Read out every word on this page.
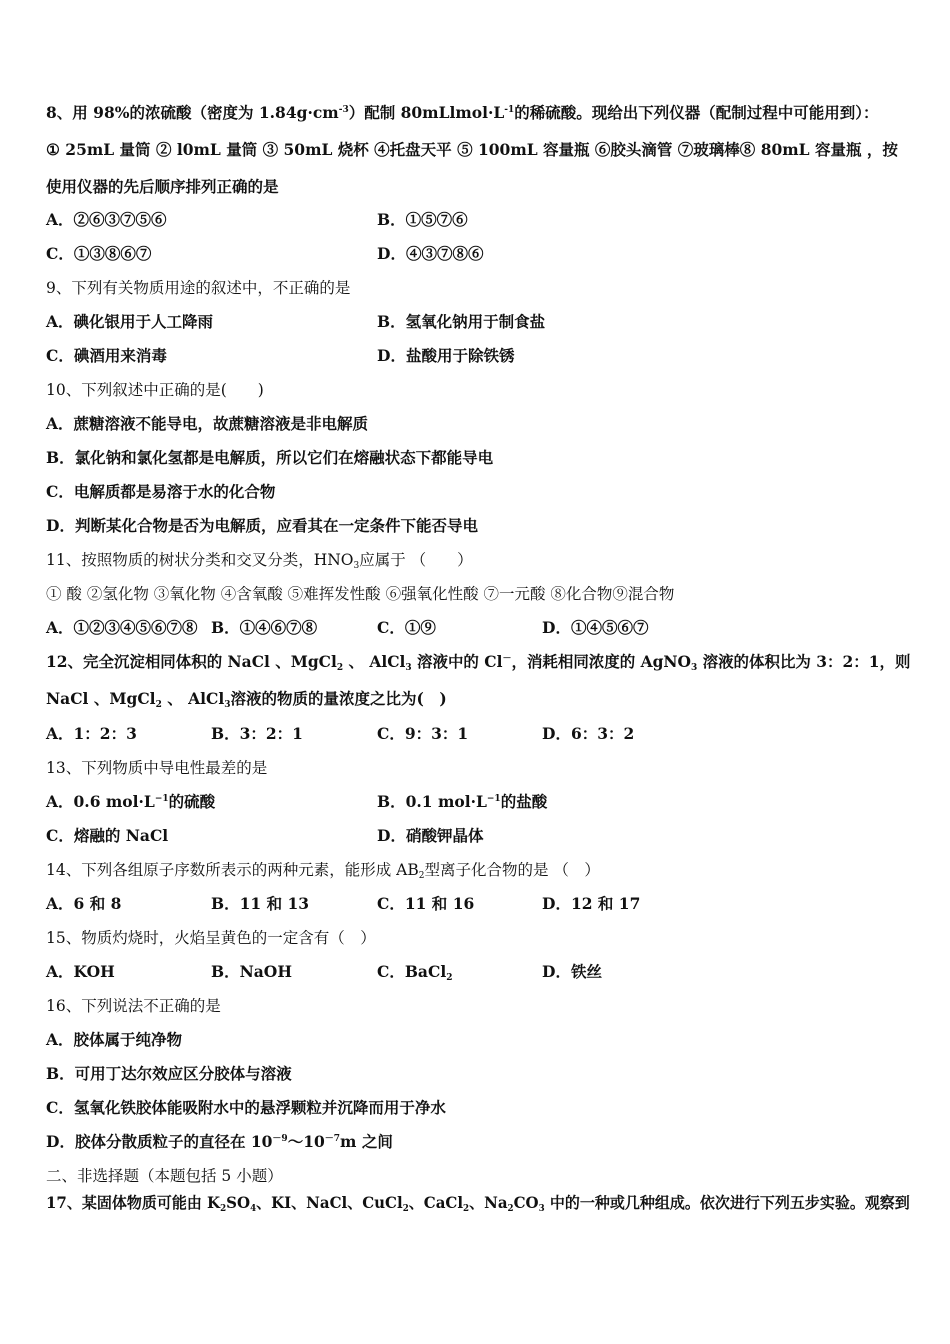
8、用 98%的浓硫酸（密度为 $1.84g\cdot cm^{-3}$）配制 $80mLlmol\cdot L^{-1}$的稀硫酸。现给出下列仪器（配制过程中可能用到）：
① 25mL 量筒 ② l0mL 量筒 ③ 50mL 烧杯 ④托盘天平 ⑤ 100mL 容量瓶 ⑥胶头滴管 ⑦玻璃棒⑧ 80mL 容量瓶 ，按
使用仪器的先后顺序排列正确的是
A．②⑥③⑦⑤⑥	B．①⑤⑦⑥
C．①③⑧⑥⑦	D．④③⑦⑧⑥
9、下列有关物质用途的叙述中，不正确的是
A．碘化银用于人工降雨	B．氢氧化钠用于制食盐
C．碘酒用来消毒	D．盐酸用于除铁锈
10、下列叙述中正确的是(　　)
A．蔗糖溶液不能导电，故蔗糖溶液是非电解质
B．氯化钠和氯化氢都是电解质，所以它们在熔融状态下都能导电
C．电解质都是易溶于水的化合物
D．判断某化合物是否为电解质，应看其在一定条件下能否导电
11、按照物质的树状分类和交叉分类，$HNO_3$应属于 （　　）
① 酸 ②氢化物 ③氧化物 ④含氧酸 ⑤难挥发性酸 ⑥强氧化性酸 ⑦一元酸 ⑧化合物⑨混合物
A．①②③④⑤⑥⑦⑧ B．①④⑥⑦⑧	C．①⑨	D．①④⑤⑥⑦
12、完全沉淀相同体积的 NaCl 、MgCl$_2$ 、 AlCl$_3$ 溶液中的 Cl－，消耗相同浓度的 AgNO$_3$ 溶液的体积比为 3：2：1，则
NaCl 、MgCl$_2$ 、 AlCl$_3$溶液的物质的量浓度之比为(　)
A．1：2：3	B．3：2：1	C．9：3：1	D．6：3：2
13、下列物质中导电性最差的是
A．0.6 $mol\cdot L^{-1}$的硫酸	B．0.1 $mol\cdot L^{-1}$的盐酸
C．熔融的 NaCl	D．硝酸钾晶体
14、下列各组原子序数所表示的两种元素，能形成 $AB_2$型离子化合物的是 （　）
A．6 和 8	B．11 和 13	C．11 和 16	D．12 和 17
15、物质灼烧时，火焰呈黄色的一定含有（　）
A．KOH	B．NaOH	C．BaCl$_2$	D．铁丝
16、下列说法不正确的是
A．胶体属于纯净物
B．可用丁达尔效应区分胶体与溶液
C．氢氧化铁胶体能吸附水中的悬浮颗粒并沉降而用于净水
D．胶体分散质粒子的直径在 $10^{-9}\sim 10^{-7}m$ 之间
二、非选择题（本题包括 5 小题）
17、某固体物质可能由 $K_2SO_4$、KI、NaCl、CuCl$_2$、CaCl$_2$、$Na_2CO_3$ 中的一种或几种组成。依次进行下列五步实验。观察到
